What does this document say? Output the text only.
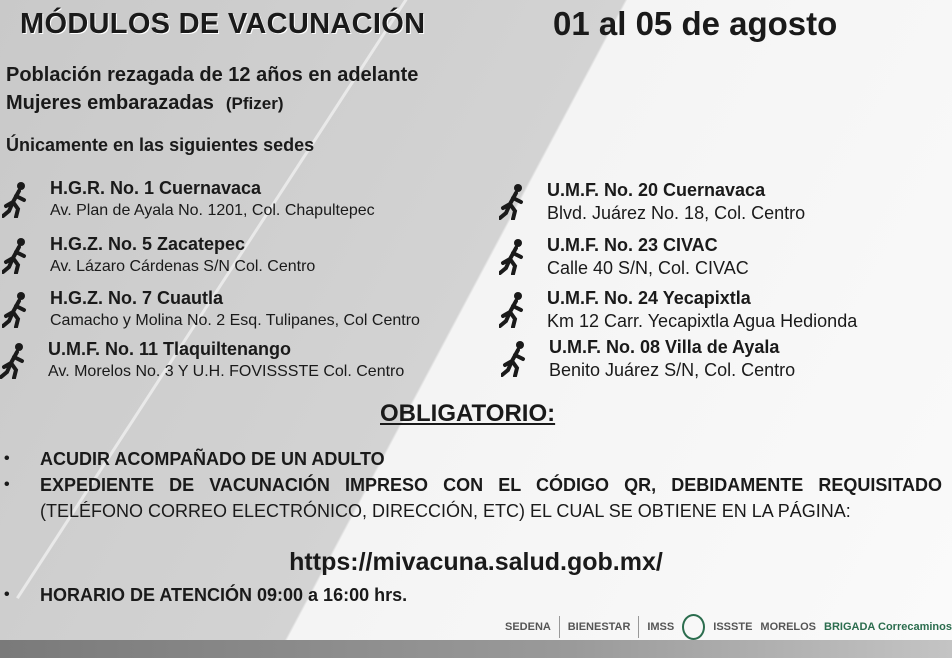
MÓDULOS DE VACUNACIÓN	01 al 05 de agosto
Población rezagada de 12 años en adelante
Mujeres embarazadas (Pfizer)
Únicamente en las siguientes sedes
H.G.R. No. 1 Cuernavaca
Av. Plan de Ayala No. 1201, Col. Chapultepec
H.G.Z. No. 5 Zacatepec
Av. Lázaro Cárdenas S/N Col. Centro
H.G.Z. No. 7 Cuautla
Camacho y Molina No. 2 Esq. Tulipanes, Col Centro
U.M.F. No. 11 Tlaquiltenango
Av. Morelos No. 3 Y U.H. FOVISSSTE Col. Centro
U.M.F. No. 20 Cuernavaca
Blvd. Juárez No. 18, Col. Centro
U.M.F. No. 23 CIVAC
Calle 40 S/N, Col. CIVAC
U.M.F. No. 24 Yecapixtla
Km 12 Carr. Yecapixtla Agua Hedionda
U.M.F. No. 08 Villa de Ayala
Benito Juárez S/N, Col. Centro
OBLIGATORIO:
• ACUDIR ACOMPAÑADO DE UN ADULTO
• EXPEDIENTE DE VACUNACIÓN IMPRESO CON EL CÓDIGO QR, DEBIDAMENTE REQUISITADO (TELÉFONO CORREO ELECTRÓNICO, DIRECCIÓN, ETC) EL CUAL SE OBTIENE EN LA PÁGINA:
https://mivacuna.salud.gob.mx/
• HORARIO DE ATENCIÓN 09:00 a 16:00 hrs.
SEDENA BIENESTAR IMSS	ISSSTE MORELOS BRIGADA Correcaminos
